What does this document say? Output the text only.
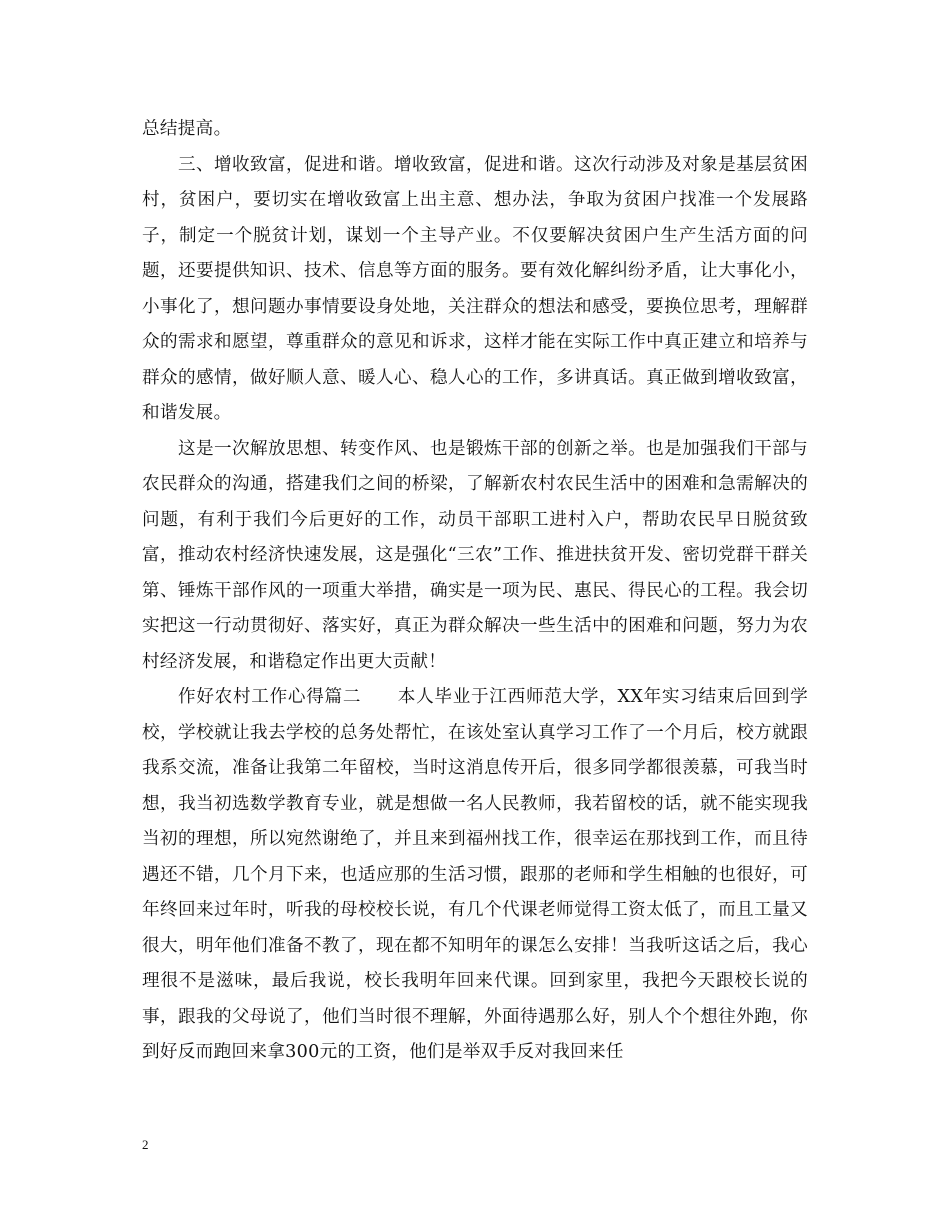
总结提高。

三、增收致富，促进和谐。增收致富，促进和谐。这次行动涉及对象是基层贫困村，贫困户，要切实在增收致富上出主意、想办法，争取为贫困户找准一个发展路子，制定一个脱贫计划，谋划一个主导产业。不仅要解决贫困户生产生活方面的问题，还要提供知识、技术、信息等方面的服务。要有效化解纠纷矛盾，让大事化小，小事化了，想问题办事情要设身处地，关注群众的想法和感受，要换位思考，理解群众的需求和愿望，尊重群众的意见和诉求，这样才能在实际工作中真正建立和培养与群众的感情，做好顺人意、暖人心、稳人心的工作，多讲真话。真正做到增收致富，和谐发展。

这是一次解放思想、转变作风、也是锻炼干部的创新之举。也是加强我们干部与农民群众的沟通，搭建我们之间的桥梁，了解新农村农民生活中的困难和急需解决的问题，有利于我们今后更好的工作，动员干部职工进村入户，帮助农民早日脱贫致富，推动农村经济快速发展，这是强化“三农”工作、推进扶贫开发、密切党群干群关第、锤炼干部作风的一项重大举措，确实是一项为民、惠民、得民心的工程。我会切实把这一行动贯彻好、落实好，真正为群众解决一些生活中的困难和问题，努力为农村经济发展，和谐稳定作出更大贡献！

作好农村工作心得篇二　　本人毕业于江西师范大学，XX年实习结束后回到学校，学校就让我去学校的总务处帮忙，在该处室认真学习工作了一个月后，校方就跟我系交流，准备让我第二年留校，当时这消息传开后，很多同学都很羡慕，可我当时想，我当初选数学教育专业，就是想做一名人民教师，我若留校的话，就不能实现我当初的理想，所以宛然谢绝了，并且来到福州找工作，很幸运在那找到工作，而且待遇还不错，几个月下来，也适应那的生活习惯，跟那的老师和学生相触的也很好，可年终回来过年时，听我的母校校长说，有几个代课老师觉得工资太低了，而且工量又很大，明年他们准备不教了，现在都不知明年的课怎么安排！当我听这话之后，我心理很不是滋味，最后我说，校长我明年回来代课。回到家里，我把今天跟校长说的事，跟我的父母说了，他们当时很不理解，外面待遇那么好，别人个个想往外跑，你到好反而跑回来拿300元的工资，他们是举双手反对我回来任

2
